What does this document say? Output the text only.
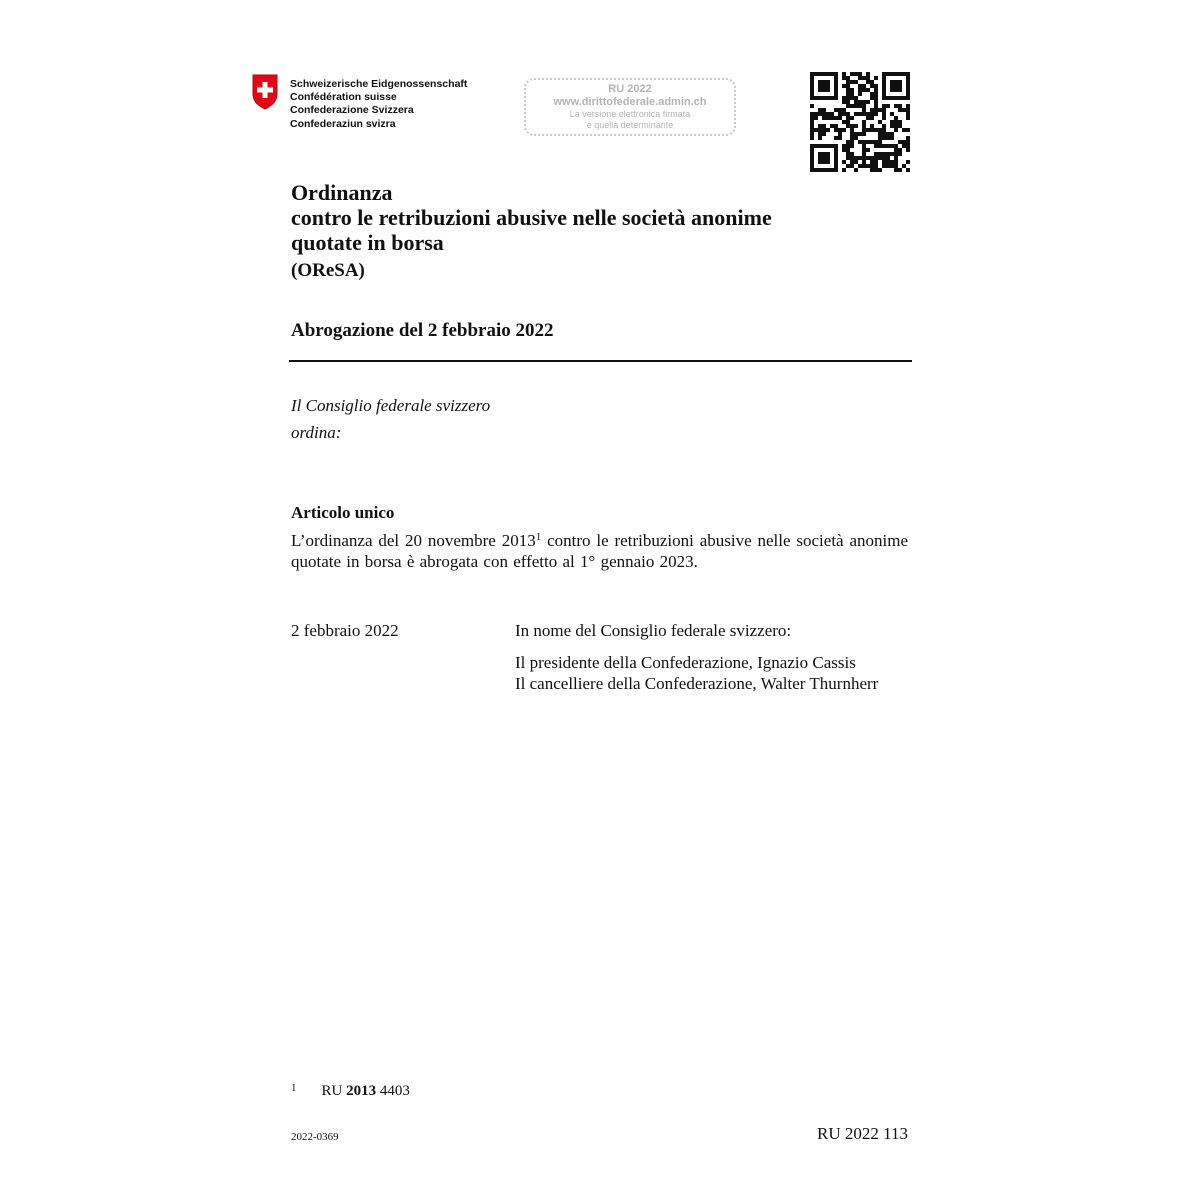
Schweizerische Eidgenossenschaft
Confédération suisse
Confederazione Svizzera
Confederaziun svizra
RU 2022
www.dirittofederale.admin.ch
La versione elettronica firmata
è quella determinante
Ordinanza
contro le retribuzioni abusive nelle società anonime
quotate in borsa
(OReSA)
Abrogazione del 2 febbraio 2022
Il Consiglio federale svizzero
ordina:
Articolo unico
L’ordinanza del 20 novembre 2013$^1$ contro le retribuzioni abusive nelle società anonime quotate in borsa è abrogata con effetto al 1° gennaio 2023.
2 febbraio 2022	In nome del Consiglio federale svizzero:
Il presidente della Confederazione, Ignazio Cassis
Il cancelliere della Confederazione, Walter Thurnherr
$^1$ RU 2013 4403
2022-0369	RU 2022 113
